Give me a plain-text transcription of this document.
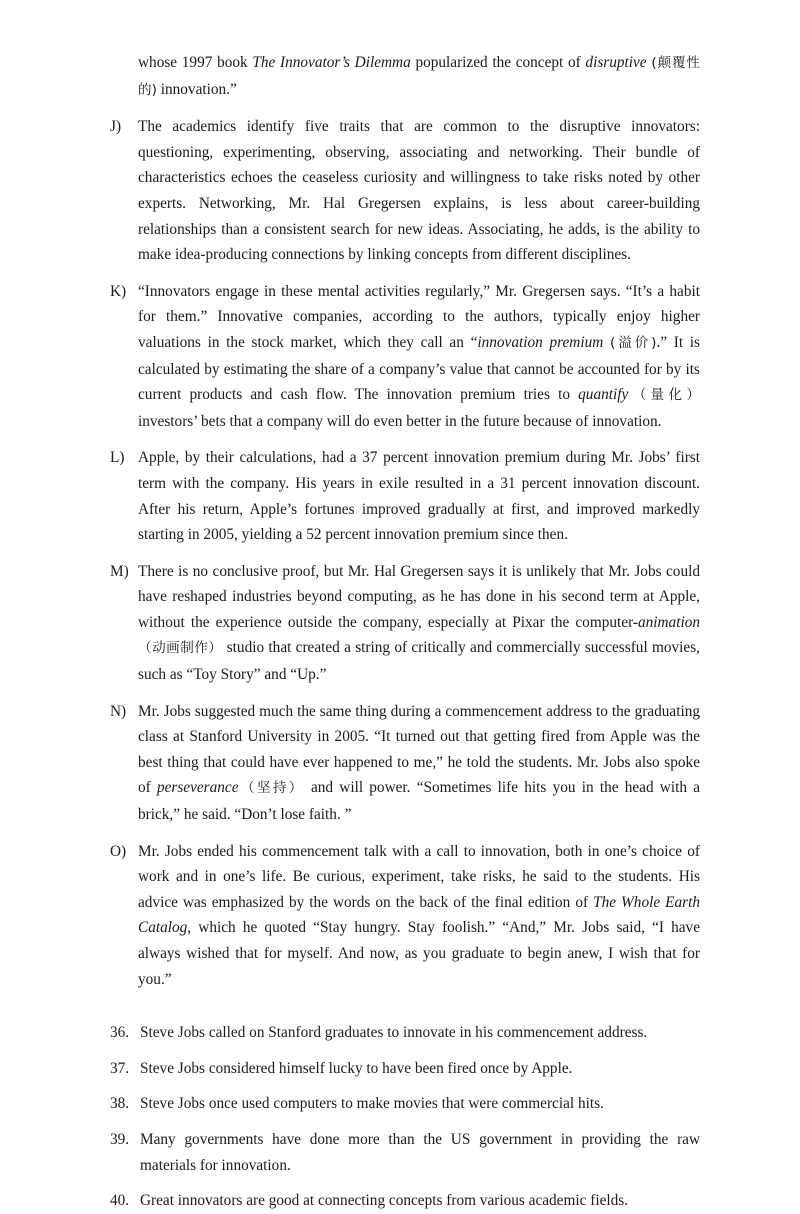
whose 1997 book The Innovator’s Dilemma popularized the concept of disruptive (颠覆性的) innovation.”

J)	The academics identify five traits that are common to the disruptive innovators: questioning, experimenting, observing, associating and networking. Their bundle of characteristics echoes the ceaseless curiosity and willingness to take risks noted by other experts. Networking, Mr. Hal Gregersen explains, is less about career-building relationships than a consistent search for new ideas. Associating, he adds, is the ability to make idea-producing connections by linking concepts from different disciplines.
K) “Innovators engage in these mental activities regularly,” Mr. Gregersen says. “It’s a habit for them.” Innovative companies, according to the authors, typically enjoy higher valuations in the stock market, which they call an “innovation premium (溢价).” It is calculated by estimating the share of a company’s value that cannot be accounted for by its current products and cash flow. The innovation premium tries to quantify（量化） investors’ bets that a company will do even better in the future because of innovation.
L) Apple, by their calculations, had a 37 percent innovation premium during Mr. Jobs’ first term with the company. His years in exile resulted in a 31 percent innovation discount. After his return, Apple’s fortunes improved gradually at first, and improved markedly starting in 2005, yielding a 52 percent innovation premium since then.
M) There is no conclusive proof, but Mr. Hal Gregersen says it is unlikely that Mr. Jobs could have reshaped industries beyond computing, as he has done in his second term at Apple, without the experience outside the company, especially at Pixar the computer-animation（动画制作） studio that created a string of critically and commercially successful movies, such as “Toy Story” and “Up.”
N) Mr. Jobs suggested much the same thing during a commencement address to the graduating class at Stanford University in 2005. “It turned out that getting fired from Apple was the best thing that could have ever happened to me,” he told the students. Mr. Jobs also spoke of perseverance（坚持） and will power. “Sometimes life hits you in the head with a brick,” he said. “Don’t lose faith. ”
O) Mr. Jobs ended his commencement talk with a call to innovation, both in one’s choice of work and in one’s life. Be curious, experiment, take risks, he said to the students. His advice was emphasized by the words on the back of the final edition of The Whole Earth Catalog, which he quoted “Stay hungry. Stay foolish.” “And,” Mr. Jobs said, “I have always wished that for myself. And now, as you graduate to begin anew, I wish that for you.”
36. Steve Jobs called on Stanford graduates to innovate in his commencement address.
37. Steve Jobs considered himself lucky to have been fired once by Apple.
38. Steve Jobs once used computers to make movies that were commercial hits.
39. Many governments have done more than the US government in providing the raw materials for innovation.
40. Great innovators are good at connecting concepts from various academic fields.
